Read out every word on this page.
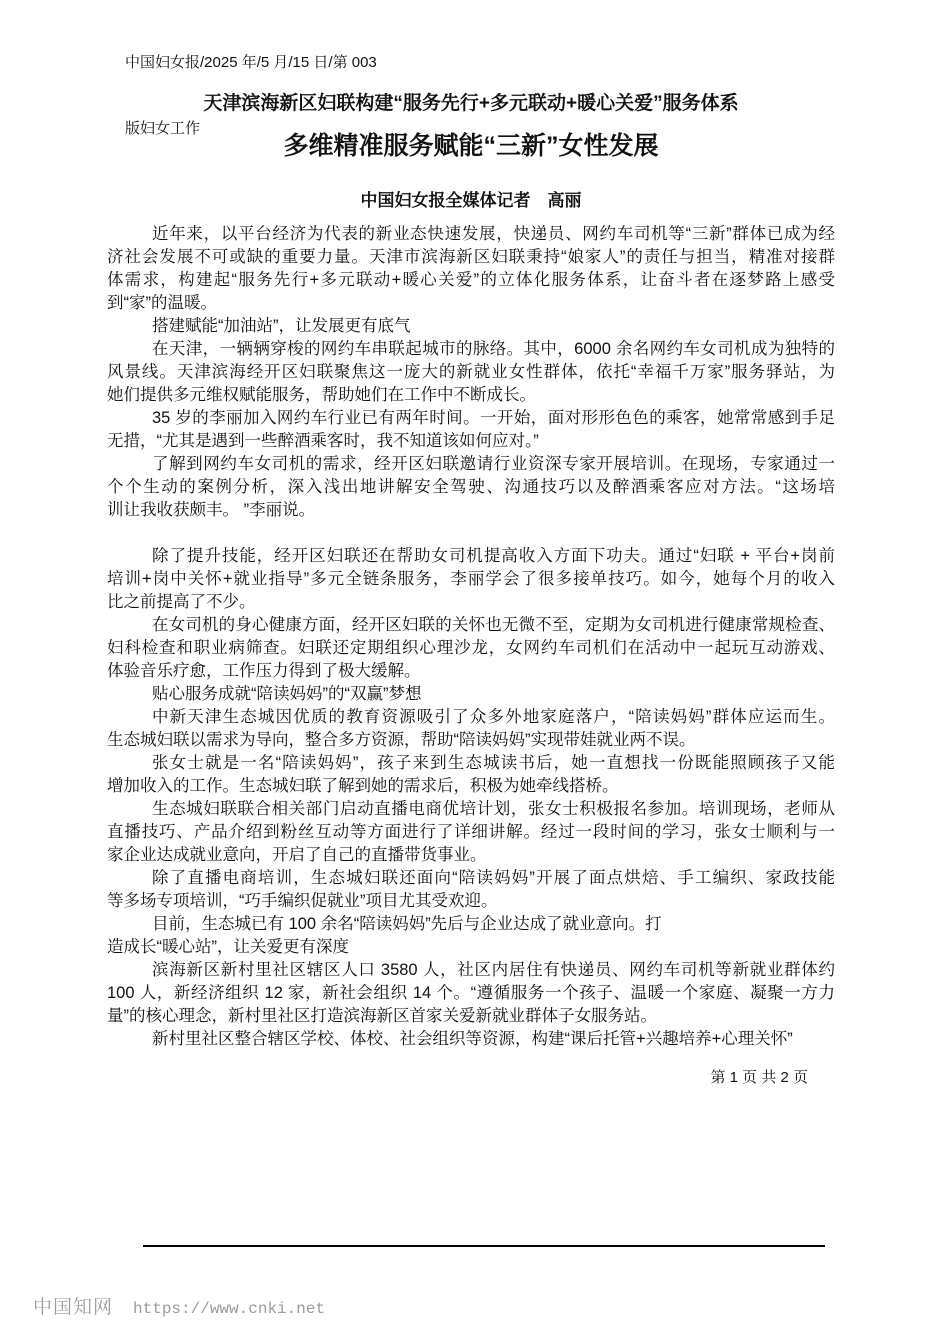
中国妇女报/2025 年/5 月/15 日/第 003

版妇女工作

天津滨海新区妇联构建“服务先行+多元联动+暖心关爱”服务体系
多维精准服务赋能“三新”女性发展
中国妇女报全媒体记者　高丽
近年来，以平台经济为代表的新业态快速发展，快递员、网约车司机等“三新”群体已成为经
济社会发展不可或缺的重要力量。天津市滨海新区妇联秉持“娘家人”的责任与担当，精准对接群
体需求，构建起“服务先行+多元联动+暖心关爱”的立体化服务体系，让奋斗者在逐梦路上感受
到“家”的温暖。
搭建赋能“加油站”，让发展更有底气
在天津，一辆辆穿梭的网约车串联起城市的脉络。其中，6000 余名网约车女司机成为独特的
风景线。天津滨海经开区妇联聚焦这一庞大的新就业女性群体，依托“幸福千万家”服务驿站，为
她们提供多元维权赋能服务，帮助她们在工作中不断成长。
35 岁的李丽加入网约车行业已有两年时间。一开始，面对形形色色的乘客，她常常感到手足
无措，“尤其是遇到一些醉酒乘客时，我不知道该如何应对。”
了解到网约车女司机的需求，经开区妇联邀请行业资深专家开展培训。在现场，专家通过一
个个生动的案例分析，深入浅出地讲解安全驾驶、沟通技巧以及醉酒乘客应对方法。“这场培
训让我收获颇丰。 ”李丽说。
除了提升技能，经开区妇联还在帮助女司机提高收入方面下功夫。通过“妇联 + 平台+岗前
培训+岗中关怀+就业指导”多元全链条服务，李丽学会了很多接单技巧。如今，她每个月的收入
比之前提高了不少。
在女司机的身心健康方面，经开区妇联的关怀也无微不至，定期为女司机进行健康常规检查、
妇科检查和职业病筛查。妇联还定期组织心理沙龙，女网约车司机们在活动中一起玩互动游戏、
体验音乐疗愈，工作压力得到了极大缓解。
贴心服务成就“陪读妈妈”的“双赢”梦想
中新天津生态城因优质的教育资源吸引了众多外地家庭落户，“陪读妈妈”群体应运而生。
生态城妇联以需求为导向，整合多方资源，帮助“陪读妈妈”实现带娃就业两不误。
张女士就是一名“陪读妈妈”，孩子来到生态城读书后，她一直想找一份既能照顾孩子又能
增加收入的工作。生态城妇联了解到她的需求后，积极为她牵线搭桥。
生态城妇联联合相关部门启动直播电商优培计划，张女士积极报名参加。培训现场，老师从
直播技巧、产品介绍到粉丝互动等方面进行了详细讲解。经过一段时间的学习，张女士顺利与一
家企业达成就业意向，开启了自己的直播带货事业。
除了直播电商培训，生态城妇联还面向“陪读妈妈”开展了面点烘焙、手工编织、家政技能
等多场专项培训，“巧手编织促就业”项目尤其受欢迎。
目前，生态城已有 100 余名“陪读妈妈”先后与企业达成了就业意向。打
造成长“暖心站”，让关爱更有深度
滨海新区新村里社区辖区人口 3580 人，社区内居住有快递员、网约车司机等新就业群体约
100 人，新经济组织 12 家，新社会组织 14 个。“遵循服务一个孩子、温暖一个家庭、凝聚一方力
量”的核心理念，新村里社区打造滨海新区首家关爱新就业群体子女服务站。
新村里社区整合辖区学校、体校、社会组织等资源，构建“课后托管+兴趣培养+心理关怀”
第 1 页 共 2 页
中国知网 https://www.cnki.net
